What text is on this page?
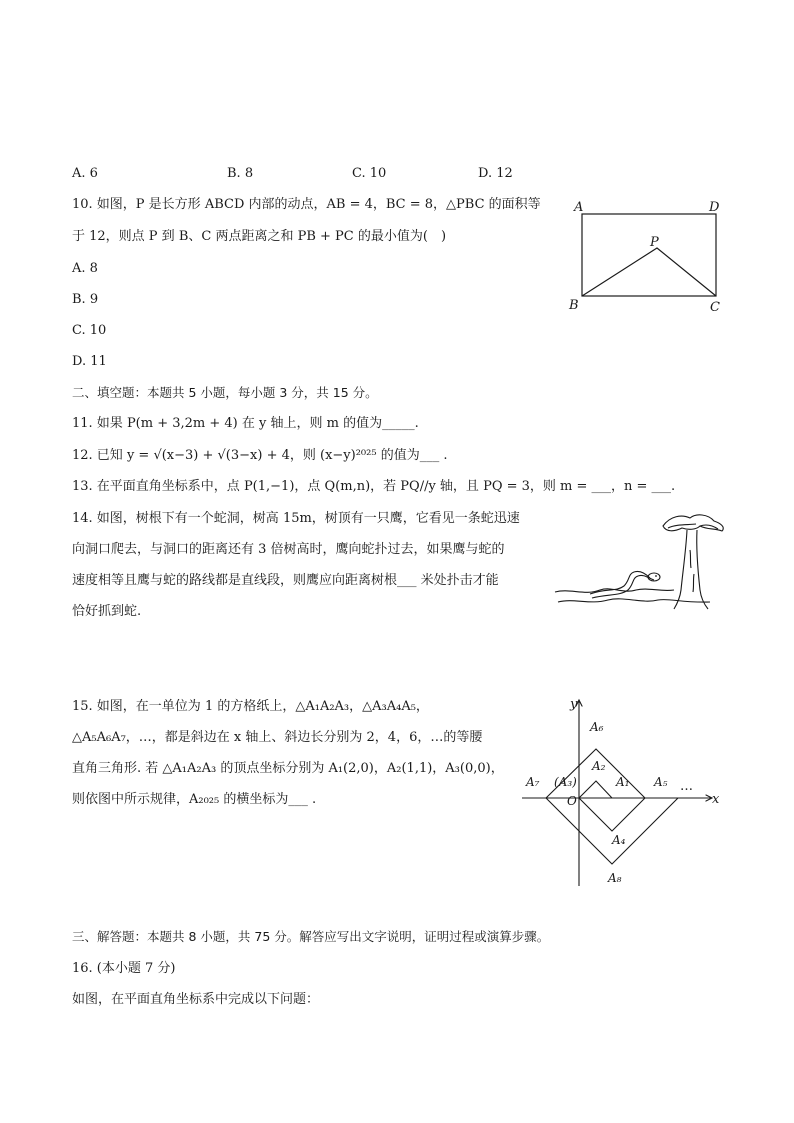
A. 6	B. 8	C. 10	D. 12
10. 如图，P 是长方形 ABCD 内部的动点，AB = 4，BC = 8，△PBC 的面积等
于 12，则点 P 到 B、C 两点距离之和 PB + PC 的最小值为(　)
A. 8
B. 9
C. 10
D. 11
A	D
P
B	C
二、填空题：本题共 5 小题，每小题 3 分，共 15 分。
11. 如果 P(m + 3,2m + 4) 在 y 轴上，则 m 的值为_____.
12. 已知 y = √(x−3) + √(3−x) + 4，则 (x−y)²⁰²⁵ 的值为___ .
13. 在平面直角坐标系中，点 P(1,−1)，点 Q(m,n)，若 PQ//y 轴，且 PQ = 3，则 m = ___，n = ___.
14. 如图，树根下有一个蛇洞，树高 15m，树顶有一只鹰，它看见一条蛇迅速
向洞口爬去，与洞口的距离还有 3 倍树高时，鹰向蛇扑过去，如果鹰与蛇的
速度相等且鹰与蛇的路线都是直线段，则鹰应向距离树根___ 米处扑击才能
恰好抓到蛇.
15. 如图，在一单位为 1 的方格纸上，△A₁A₂A₃，△A₃A₄A₅，
△A₅A₆A₇，…，都是斜边在 x 轴上、斜边长分别为 2，4，6，…的等腰
直角三角形. 若 △A₁A₂A₃ 的顶点坐标分别为 A₁(2,0)，A₂(1,1)，A₃(0,0)，
则依图中所示规律，A₂₀₂₅ 的横坐标为___ .
y
x
O
A₆
A₂
A₁
(A₃)
A₇	A₅ …
A₄
A₈
三、解答题：本题共 8 小题，共 75 分。解答应写出文字说明，证明过程或演算步骤。
16. (本小题 7 分)
如图，在平面直角坐标系中完成以下问题：
